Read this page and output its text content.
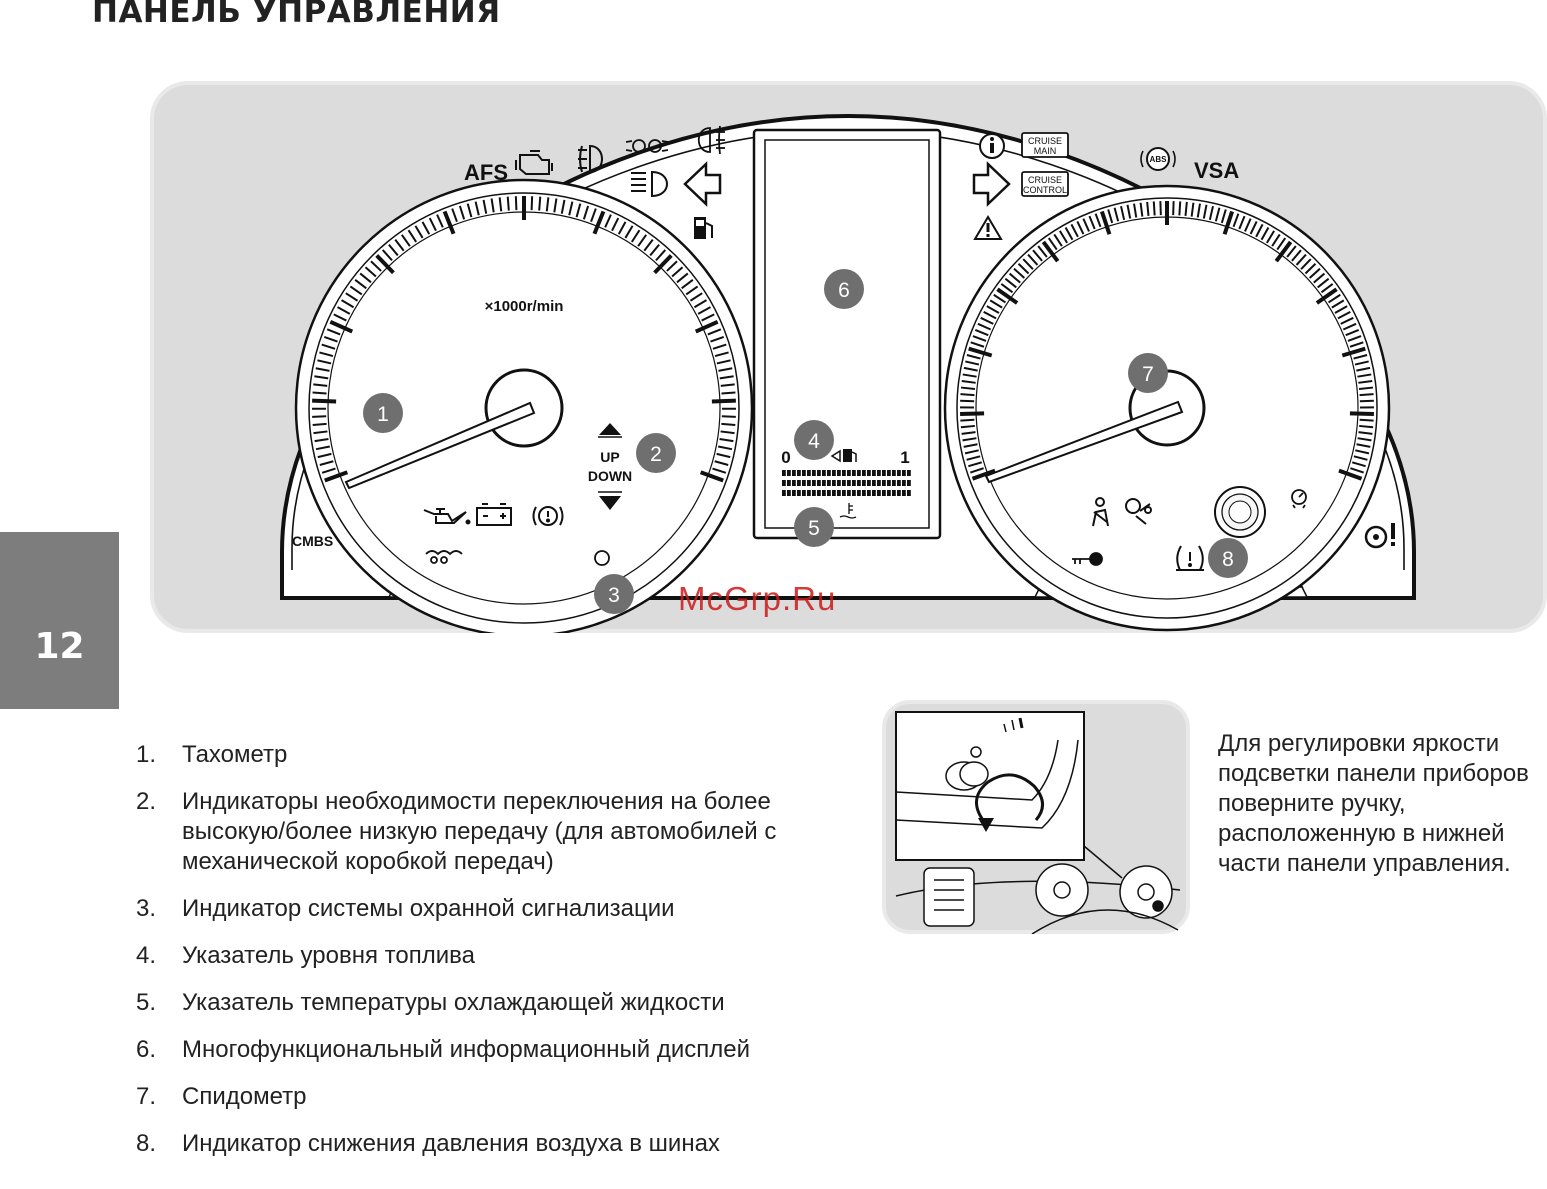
ПАНЕЛЬ УПРАВЛЕНИЯ
12
×1000r/min
0	1
AFS
CRUISE
MAIN
CRUISE
CONTROL
ABS VSA
CMBS
UP
DOWN
1
2
3
4
5
6
7
8
McGrp.Ru
1. Тахометр
2. Индикаторы необходимости переключения на более высокую/более низкую передачу (для автомобилей с механической коробкой передач)
3. Индикатор системы охранной сигнализации
4. Указатель уровня топлива
5. Указатель температуры охлаждающей жидкости
6. Многофункциональный информационный дисплей
7. Спидометр
8. Индикатор снижения давления воздуха в шинах

Для регулировки яркости подсветки панели приборов поверните ручку, расположенную в нижней части панели управления.
